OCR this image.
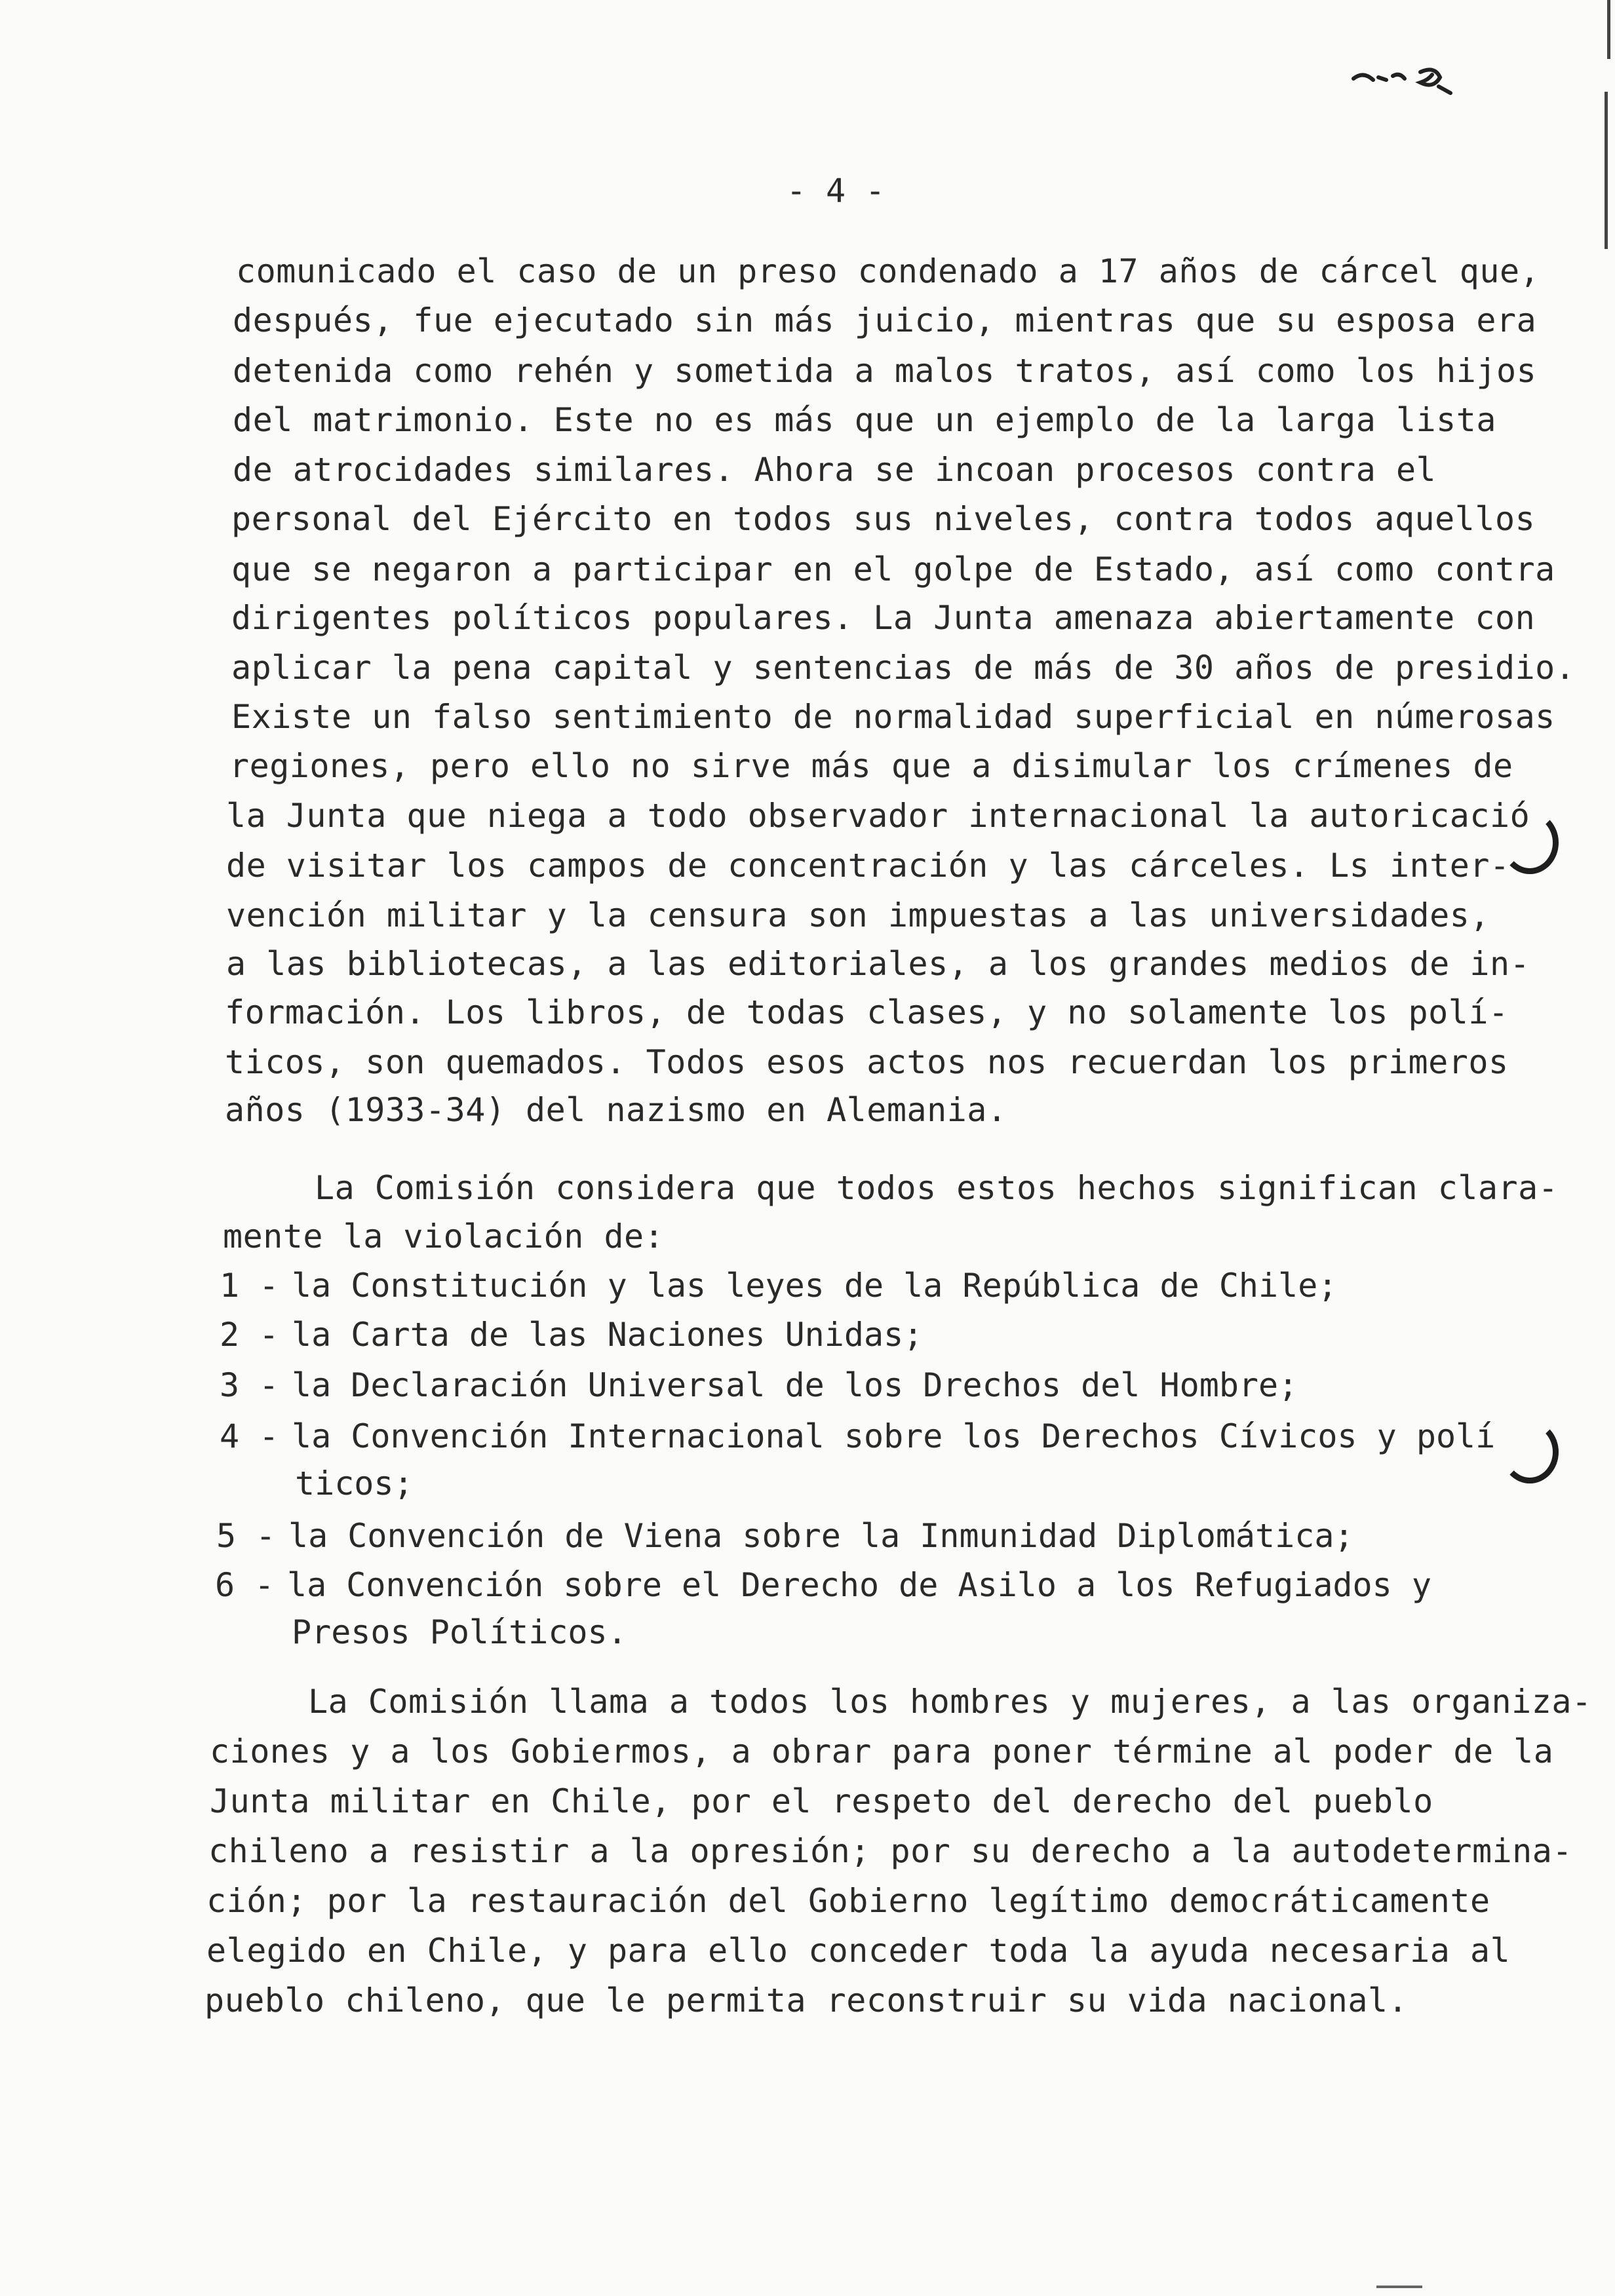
- 4 -
comunicado el caso de un preso condenado a 17 años de cárcel que,
después, fue ejecutado sin más juicio, mientras que su esposa era
detenida como rehén y sometida a malos tratos, así como los hijos
del matrimonio. Este no es más que un ejemplo de la larga lista
de atrocidades similares. Ahora se incoan procesos contra el
personal del Ejército en todos sus niveles, contra todos aquellos
que se negaron a participar en el golpe de Estado, así como contra
dirigentes políticos populares. La Junta amenaza abiertamente con
aplicar la pena capital y sentencias de más de 30 años de presidio.
Existe un falso sentimiento de normalidad superficial en númerosas
regiones, pero ello no sirve más que a disimular los crímenes de
la Junta que niega a todo observador internacional la autoricació
de visitar los campos de concentración y las cárceles. Ls inter-
vención militar y la censura son impuestas a las universidades,
a las bibliotecas, a las editoriales, a los grandes medios de in-
formación. Los libros, de todas clases, y no solamente los polí-
ticos, son quemados. Todos esos actos nos recuerdan los primeros
años (1933-34) del nazismo en Alemania.
La Comisión considera que todos estos hechos significan clara-
mente la violación de:
1 - la Constitución y las leyes de la República de Chile;
2 - la Carta de las Naciones Unidas;
3 - la Declaración Universal de los Drechos del Hombre;
4 - la Convención Internacional sobre los Derechos Cívicos y polí
ticos;
5 - la Convención de Viena sobre la Inmunidad Diplomática;
6 - la Convención sobre el Derecho de Asilo a los Refugiados y
Presos Políticos.
La Comisión llama a todos los hombres y mujeres, a las organiza-
ciones y a los Gobiermos, a obrar para poner términe al poder de la
Junta militar en Chile, por el respeto del derecho del pueblo
chileno a resistir a la opresión; por su derecho a la autodetermina-
ción; por la restauración del Gobierno legítimo democráticamente
elegido en Chile, y para ello conceder toda la ayuda necesaria al
pueblo chileno, que le permita reconstruir su vida nacional.
